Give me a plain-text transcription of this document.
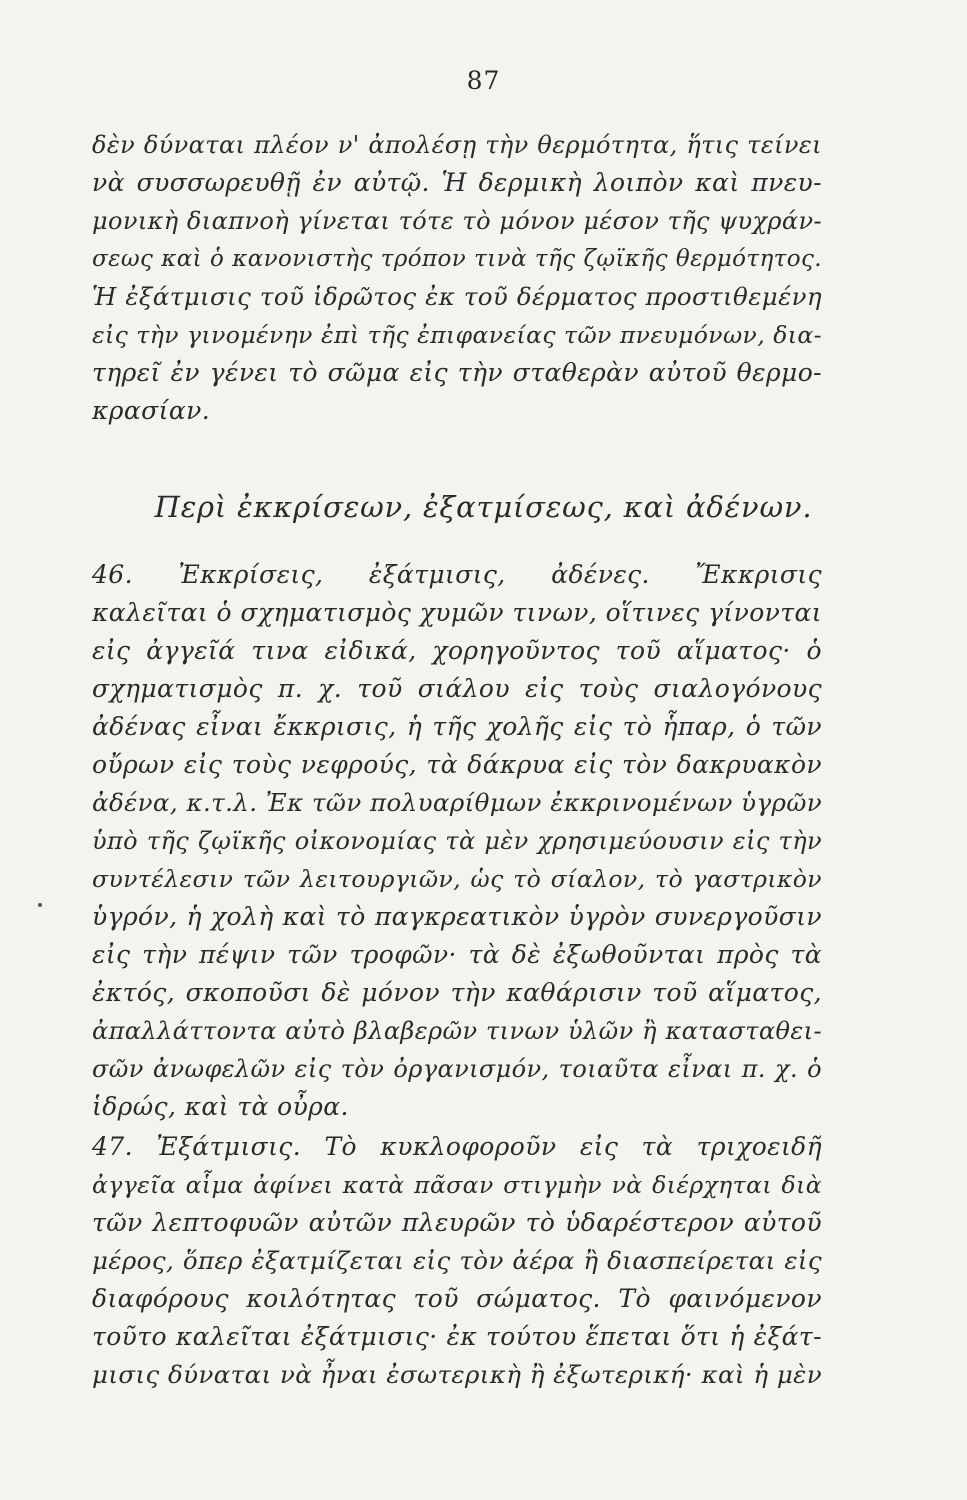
87
δὲν δύναται πλέον ν' ἀπολέσῃ τὴν θερμότητα, ἥτις τείνει
νὰ συσσωρευθῇ ἐν αὐτῷ. Ἡ δερμικὴ λοιπὸν καὶ πνευ-
μονικὴ διαπνοὴ γίνεται τότε τὸ μόνον μέσον τῆς ψυχράν-
σεως καὶ ὁ κανονιστὴς τρόπον τινὰ τῆς ζῳϊκῆς θερμότητος.
Ἡ ἐξάτμισις τοῦ ἱδρῶτος ἐκ τοῦ δέρματος προστιθεμένη
εἰς τὴν γινομένην ἐπὶ τῆς ἐπιφανείας τῶν πνευμόνων, δια-
τηρεῖ ἐν γένει τὸ σῶμα εἰς τὴν σταθερὰν αὐτοῦ θερμο-
κρασίαν.
Περὶ ἐκκρίσεων, ἐξατμίσεως, καὶ ἀδένων.
46. Ἐκκρίσεις, ἐξάτμισις, ἀδένες. Ἔκκρισις
καλεῖται ὁ σχηματισμὸς χυμῶν τινων, οἵτινες γίνονται
εἰς ἀγγεῖά τινα εἰδικά, χορηγοῦντος τοῦ αἵματος· ὁ
σχηματισμὸς π. χ. τοῦ σιάλου εἰς τοὺς σιαλογόνους
ἀδένας εἶναι ἔκκρισις, ἡ τῆς χολῆς εἰς τὸ ἧπαρ, ὁ τῶν
οὔρων εἰς τοὺς νεφρούς, τὰ δάκρυα εἰς τὸν δακρυακὸν
ἀδένα, κ.τ.λ. Ἐκ τῶν πολυαρίθμων ἐκκρινομένων ὑγρῶν
ὑπὸ τῆς ζῳϊκῆς οἰκονομίας τὰ μὲν χρησιμεύουσιν εἰς τὴν
συντέλεσιν τῶν λειτουργιῶν, ὡς τὸ σίαλον, τὸ γαστρικὸν
ὑγρόν, ἡ χολὴ καὶ τὸ παγκρεατικὸν ὑγρὸν συνεργοῦσιν
εἰς τὴν πέψιν τῶν τροφῶν· τὰ δὲ ἐξωθοῦνται πρὸς τὰ
ἐκτός, σκοποῦσι δὲ μόνον τὴν καθάρισιν τοῦ αἵματος,
ἀπαλλάττοντα αὐτὸ βλαβερῶν τινων ὑλῶν ἢ κατασταθει-
σῶν ἀνωφελῶν εἰς τὸν ὀργανισμόν, τοιαῦτα εἶναι π. χ. ὁ
ἱδρώς, καὶ τὰ οὖρα.
47. Ἐξάτμισις. Τὸ κυκλοφοροῦν εἰς τὰ τριχοειδῆ
ἀγγεῖα αἷμα ἀφίνει κατὰ πᾶσαν στιγμὴν νὰ διέρχηται διὰ
τῶν λεπτοφυῶν αὐτῶν πλευρῶν τὸ ὑδαρέστερον αὐτοῦ
μέρος, ὅπερ ἐξατμίζεται εἰς τὸν ἀέρα ἢ διασπείρεται εἰς
διαφόρους κοιλότητας τοῦ σώματος. Τὸ φαινόμενον
τοῦτο καλεῖται ἐξάτμισις· ἐκ τούτου ἕπεται ὅτι ἡ ἐξάτ-
μισις δύναται νὰ ἦναι ἐσωτερικὴ ἢ ἐξωτερική· καὶ ἡ μὲν
